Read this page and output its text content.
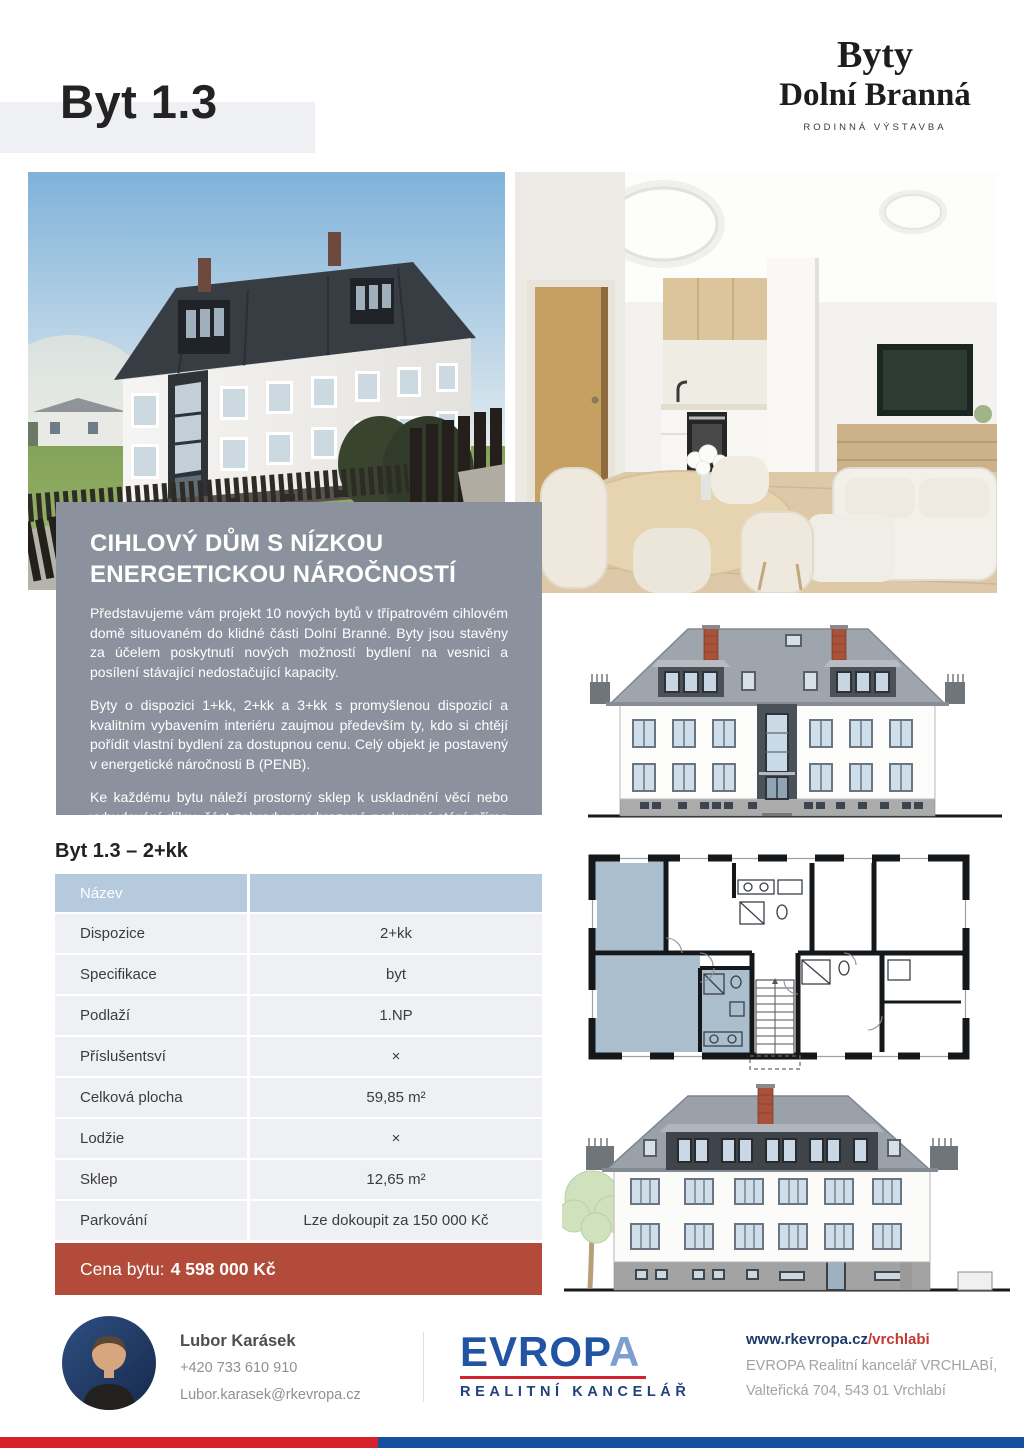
Byt 1.3
Byty
Dolní Branná
RODINNÁ VÝSTAVBA
CIHLOVÝ DŮM S NÍZKOU
ENERGETICKOU NÁROČNOSTÍ

Představujeme vám projekt 10 nových bytů v třípatrovém cihlovém domě situovaném do klidné části Dolní Branné. Byty jsou stavěny za účelem poskytnutí nových možností bydlení na vesnici a posílení stávající nedostačující kapacity.

Byty o dispozici 1+kk, 2+kk a 3+kk s promyšlenou dispozicí a kvalitním vybavením interiéru zaujmou především ty, kdo si chtějí pořídit vlastní bydlení za dostupnou cenu. Celý objekt je postavený v energetické náročnosti B (PENB).

Ke každému bytu náleží prostorný sklep k uskladnění věcí nebo vybudování dílny, část zahrady a vyhrazené parkovací stání přímo u domu.

Byt 1.3 – 2+kk
Název
Dispozice	2+kk
Specifikace	byt
Podlaží	1.NP
Příslušentsví	×
Celková plocha	59,85 m²
Lodžie	×
Sklep	12,65 m²
Parkování	Lze dokoupit za 150 000 Kč
Cena bytu: 4 598 000 Kč
Lubor Karásek
+420 733 610 910
Lubor.karasek@rkevropa.cz
EVROPA
REALITNÍ KANCELÁŘ
www.rkevropa.cz/vrchlabi
EVROPA Realitní kancelář VRCHLABÍ,
Valteřická 704, 543 01 Vrchlabí
